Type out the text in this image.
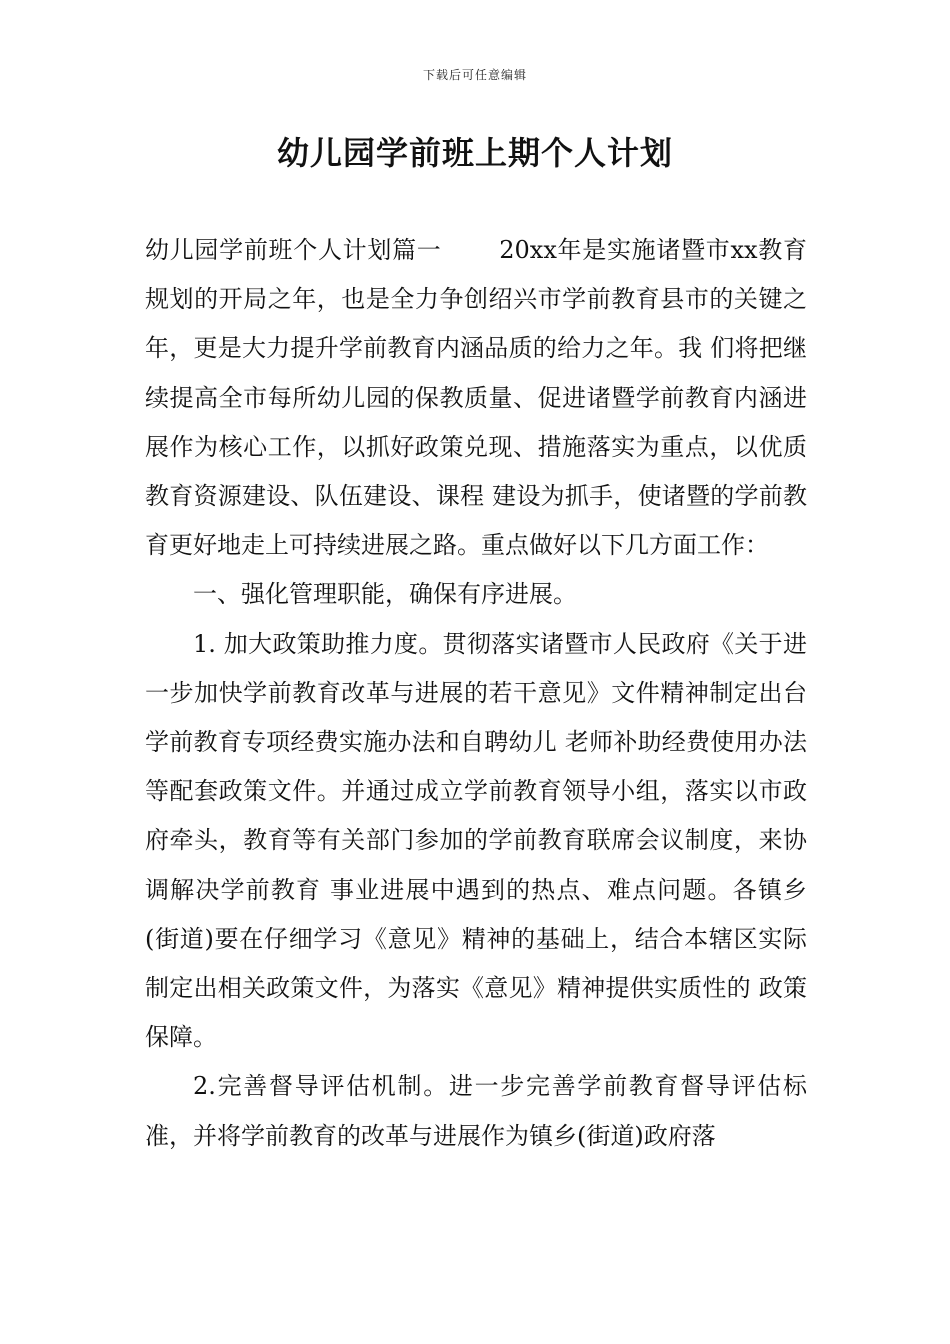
下载后可任意编辑
幼儿园学前班上期个人计划

幼儿园学前班个人计划篇一　　 20xx年是实施诸暨市xx教育规划的开局之年，也是全力争创绍兴市学前教育县市的关键之年，更是大力提升学前教育内涵品质的给力之年。我 们将把继续提高全市每所幼儿园的保教质量、促进诸暨学前教育内涵进展作为核心工作，以抓好政策兑现、措施落实为重点，以优质教育资源建设、队伍建设、课程 建设为抓手，使诸暨的学前教育更好地走上可持续进展之路。重点做好以下几方面工作：

一、强化管理职能，确保有序进展。

1. 加大政策助推力度。贯彻落实诸暨市人民政府《关于进一步加快学前教育改革与进展的若干意见》文件精神制定出台学前教育专项经费实施办法和自聘幼儿 老师补助经费使用办法等配套政策文件。并通过成立学前教育领导小组，落实以市政府牵头，教育等有关部门参加的学前教育联席会议制度，来协调解决学前教育 事业进展中遇到的热点、难点问题。各镇乡(街道)要在仔细学习《意见》精神的基础上，结合本辖区实际制定出相关政策文件，为落实《意见》精神提供实质性的 政策保障。

2.完善督导评估机制。进一步完善学前教育督导评估标准，并将学前教育的改革与进展作为镇乡(街道)政府落
